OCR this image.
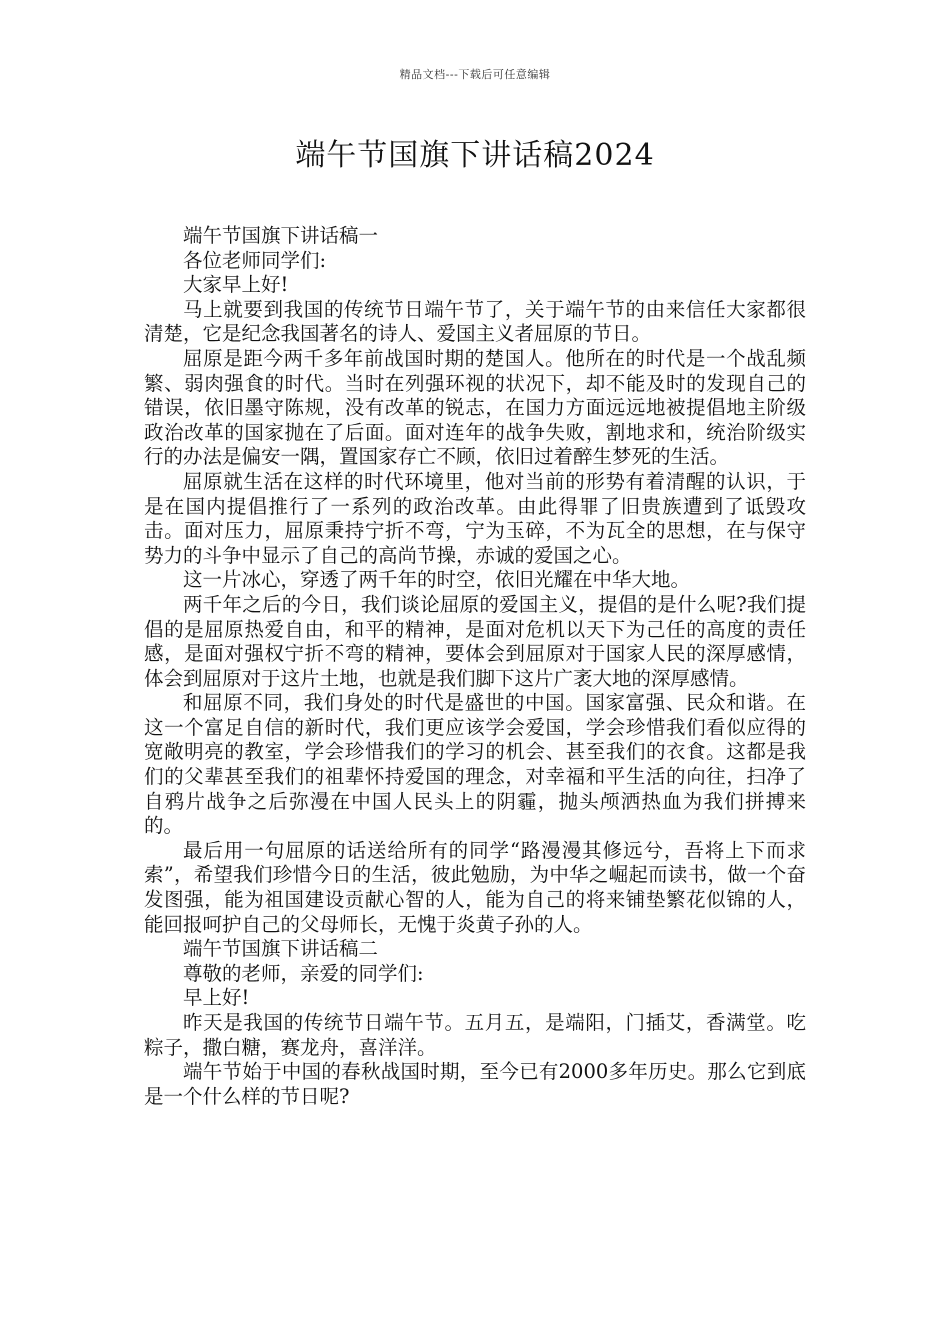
精品文档---下载后可任意编辑
端午节国旗下讲话稿2024

端午节国旗下讲话稿一

各位老师同学们:

大家早上好!

马上就要到我国的传统节日端午节了，关于端午节的由来信任大家都很清楚，它是纪念我国著名的诗人、爱国主义者屈原的节日。

屈原是距今两千多年前战国时期的楚国人。他所在的时代是一个战乱频繁、弱肉强食的时代。当时在列强环视的状况下，却不能及时的发现自己的错误，依旧墨守陈规，没有改革的锐志，在国力方面远远地被提倡地主阶级政治改革的国家抛在了后面。面对连年的战争失败，割地求和，统治阶级实行的办法是偏安一隅，置国家存亡不顾，依旧过着醉生梦死的生活。

屈原就生活在这样的时代环境里，他对当前的形势有着清醒的认识，于是在国内提倡推行了一系列的政治改革。由此得罪了旧贵族遭到了诋毁攻击。面对压力，屈原秉持宁折不弯，宁为玉碎，不为瓦全的思想，在与保守势力的斗争中显示了自己的高尚节操，赤诚的爱国之心。

这一片冰心，穿透了两千年的时空，依旧光耀在中华大地。

两千年之后的今日，我们谈论屈原的爱国主义，提倡的是什么呢?我们提倡的是屈原热爱自由，和平的精神，是面对危机以天下为己任的高度的责任感，是面对强权宁折不弯的精神，要体会到屈原对于国家人民的深厚感情，体会到屈原对于这片土地，也就是我们脚下这片广袤大地的深厚感情。

和屈原不同，我们身处的时代是盛世的中国。国家富强、民众和谐。在这一个富足自信的新时代，我们更应该学会爱国，学会珍惜我们看似应得的宽敞明亮的教室，学会珍惜我们的学习的机会、甚至我们的衣食。这都是我们的父辈甚至我们的祖辈怀持爱国的理念，对幸福和平生活的向往，扫净了自鸦片战争之后弥漫在中国人民头上的阴霾，抛头颅洒热血为我们拼搏来的。

最后用一句屈原的话送给所有的同学“路漫漫其修远兮，吾将上下而求索”，希望我们珍惜今日的生活，彼此勉励，为中华之崛起而读书，做一个奋发图强，能为祖国建设贡献心智的人，能为自己的将来铺垫繁花似锦的人，能回报呵护自己的父母师长，无愧于炎黄子孙的人。

端午节国旗下讲话稿二

尊敬的老师，亲爱的同学们:

早上好!

昨天是我国的传统节日端午节。五月五，是端阳，门插艾，香满堂。吃粽子，撒白糖，赛龙舟，喜洋洋。

端午节始于中国的春秋战国时期，至今已有2000多年历史。那么它到底是一个什么样的节日呢?
